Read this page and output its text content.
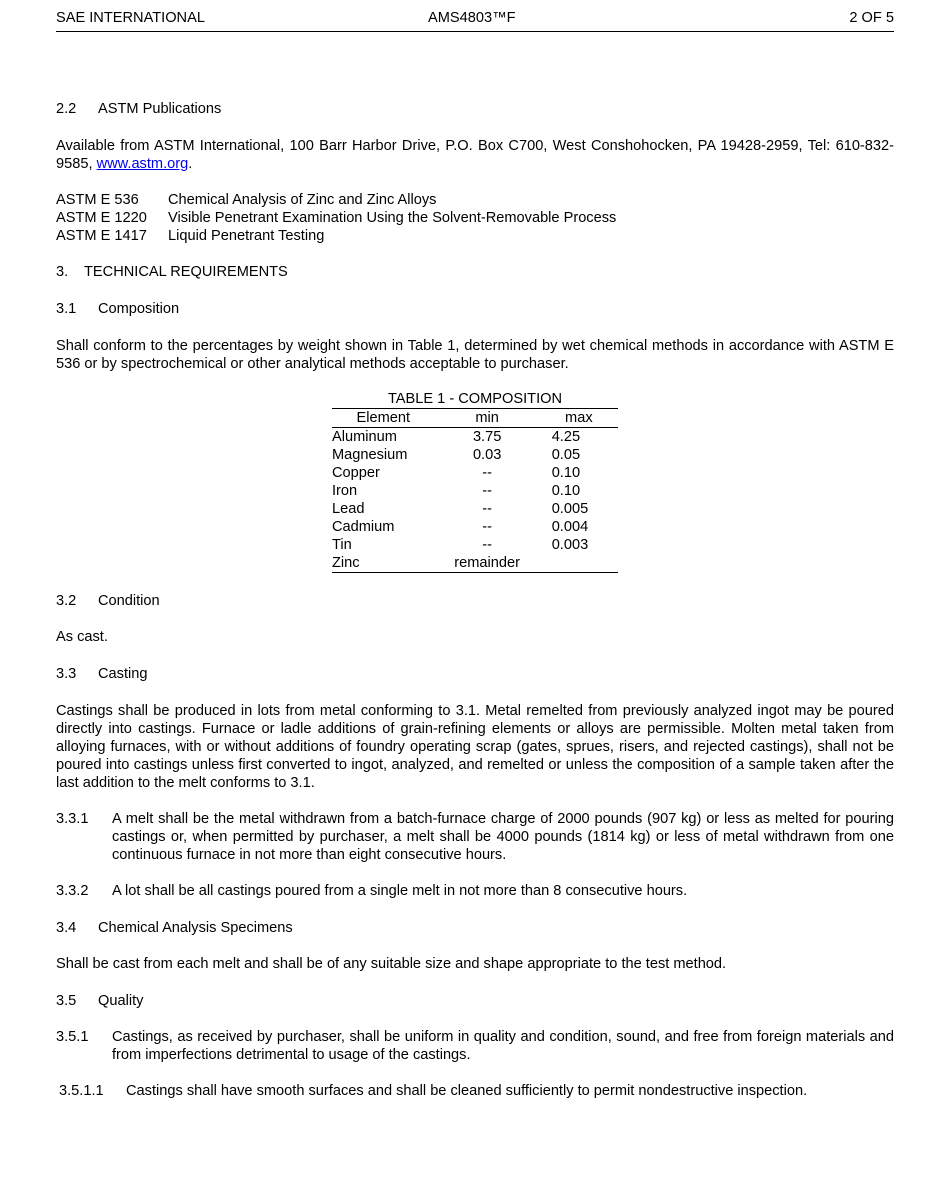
SAE INTERNATIONAL	AMS4803™F	2 OF 5
2.2 ASTM Publications
Available from ASTM International, 100 Barr Harbor Drive, P.O. Box C700, West Conshohocken, PA 19428-2959, Tel: 610-832-9585, www.astm.org.
ASTM E 536 Chemical Analysis of Zinc and Zinc Alloys
ASTM E 1220 Visible Penetrant Examination Using the Solvent-Removable Process
ASTM E 1417 Liquid Penetrant Testing
3. TECHNICAL REQUIREMENTS
3.1 Composition
Shall conform to the percentages by weight shown in Table 1, determined by wet chemical methods in accordance with ASTM E 536 or by spectrochemical or other analytical methods acceptable to purchaser.
TABLE 1 - COMPOSITION
Element	min	max
Aluminum	3.75	4.25
Magnesium	0.03	0.05
Copper	--	0.10
Iron	--	0.10
Lead	--	0.005
Cadmium	--	0.004
Tin	--	0.003
Zinc	remainder	
3.2 Condition
As cast.
3.3 Casting
Castings shall be produced in lots from metal conforming to 3.1. Metal remelted from previously analyzed ingot may be poured directly into castings. Furnace or ladle additions of grain-refining elements or alloys are permissible. Molten metal taken from alloying furnaces, with or without additions of foundry operating scrap (gates, sprues, risers, and rejected castings), shall not be poured into castings unless first converted to ingot, analyzed, and remelted or unless the composition of a sample taken after the last addition to the melt conforms to 3.1.
3.3.1 A melt shall be the metal withdrawn from a batch-furnace charge of 2000 pounds (907 kg) or less as melted for pouring castings or, when permitted by purchaser, a melt shall be 4000 pounds (1814 kg) or less of metal withdrawn from one continuous furnace in not more than eight consecutive hours.
3.3.2 A lot shall be all castings poured from a single melt in not more than 8 consecutive hours.
3.4 Chemical Analysis Specimens
Shall be cast from each melt and shall be of any suitable size and shape appropriate to the test method.
3.5 Quality
3.5.1 Castings, as received by purchaser, shall be uniform in quality and condition, sound, and free from foreign materials and from imperfections detrimental to usage of the castings.
3.5.1.1 Castings shall have smooth surfaces and shall be cleaned sufficiently to permit nondestructive inspection.
